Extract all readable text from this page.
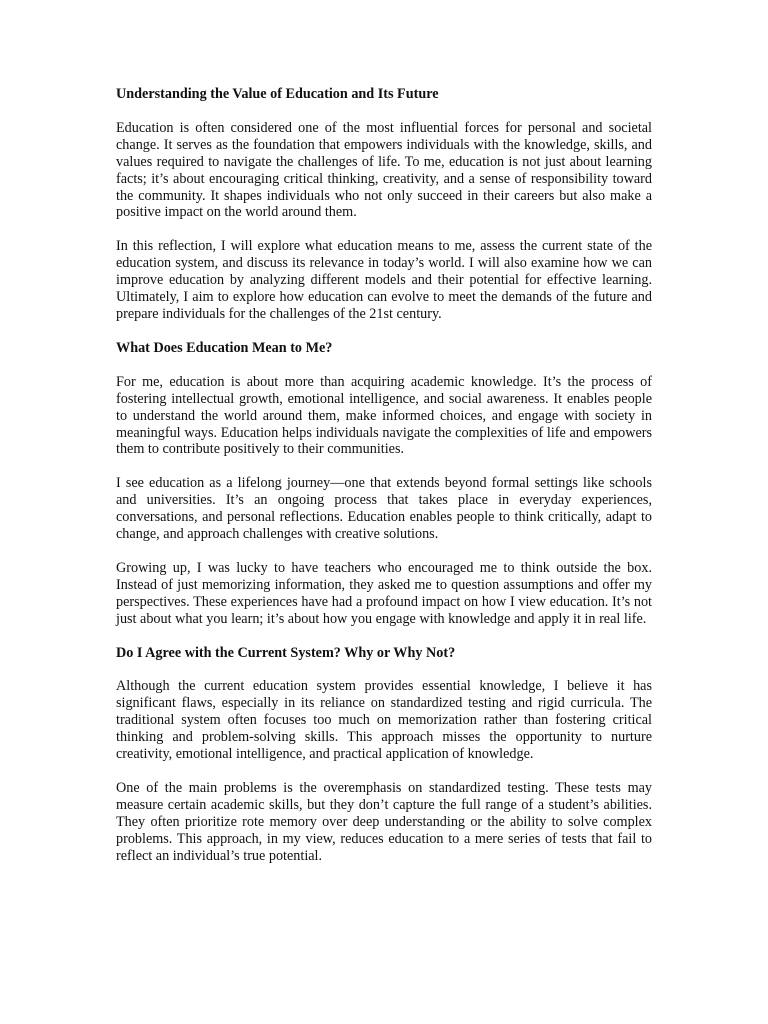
Understanding the Value of Education and Its Future

Education is often considered one of the most influential forces for personal and societal change. It serves as the foundation that empowers individuals with the knowledge, skills, and values required to navigate the challenges of life. To me, education is not just about learning facts; it’s about encouraging critical thinking, creativity, and a sense of responsibility toward the community. It shapes individuals who not only succeed in their careers but also make a positive impact on the world around them.

In this reflection, I will explore what education means to me, assess the current state of the education system, and discuss its relevance in today’s world. I will also examine how we can improve education by analyzing different models and their potential for effective learning. Ultimately, I aim to explore how education can evolve to meet the demands of the future and prepare individuals for the challenges of the 21st century.

What Does Education Mean to Me?

For me, education is about more than acquiring academic knowledge. It’s the process of fostering intellectual growth, emotional intelligence, and social awareness. It enables people to understand the world around them, make informed choices, and engage with society in meaningful ways. Education helps individuals navigate the complexities of life and empowers them to contribute positively to their communities.

I see education as a lifelong journey—one that extends beyond formal settings like schools and universities. It’s an ongoing process that takes place in everyday experiences, conversations, and personal reflections. Education enables people to think critically, adapt to change, and approach challenges with creative solutions.

Growing up, I was lucky to have teachers who encouraged me to think outside the box. Instead of just memorizing information, they asked me to question assumptions and offer my perspectives. These experiences have had a profound impact on how I view education. It’s not just about what you learn; it’s about how you engage with knowledge and apply it in real life.

Do I Agree with the Current System? Why or Why Not?

Although the current education system provides essential knowledge, I believe it has significant flaws, especially in its reliance on standardized testing and rigid curricula. The traditional system often focuses too much on memorization rather than fostering critical thinking and problem-solving skills. This approach misses the opportunity to nurture creativity, emotional intelligence, and practical application of knowledge.

One of the main problems is the overemphasis on standardized testing. These tests may measure certain academic skills, but they don’t capture the full range of a student’s abilities. They often prioritize rote memory over deep understanding or the ability to solve complex problems. This approach, in my view, reduces education to a mere series of tests that fail to reflect an individual’s true potential.
